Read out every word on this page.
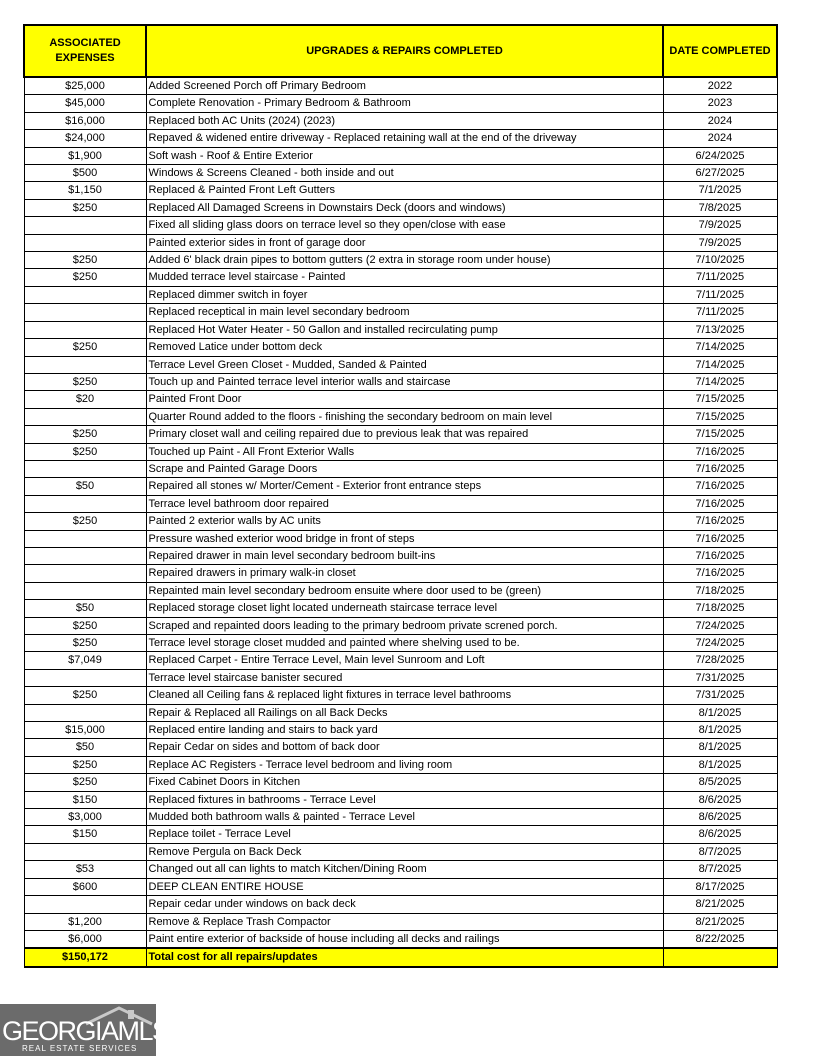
ASSOCIATED EXPENSES	UPGRADES & REPAIRS COMPLETED	DATE COMPLETED
$25,000	Added Screened Porch off Primary Bedroom	2022
$45,000	Complete Renovation - Primary Bedroom & Bathroom	2023
$16,000	Replaced both AC Units (2024) (2023)	2024
$24,000	Repaved & widened entire driveway - Replaced retaining wall at the end of the driveway	2024
$1,900	Soft wash - Roof & Entire Exterior	6/24/2025
$500	Windows & Screens Cleaned - both inside and out	6/27/2025
$1,150	Replaced & Painted Front Left Gutters	7/1/2025
$250	Replaced All Damaged Screens in Downstairs Deck (doors and windows)	7/8/2025
	Fixed all sliding glass doors on terrace level so they open/close with ease	7/9/2025
	Painted exterior sides in front of garage door	7/9/2025
$250	Added 6' black drain pipes to bottom gutters (2 extra in storage room under house)	7/10/2025
$250	Mudded terrace level staircase - Painted	7/11/2025
	Replaced dimmer switch in foyer	7/11/2025
	Replaced receptical in main level secondary bedroom	7/11/2025
	Replaced Hot Water Heater - 50 Gallon and installed recirculating pump	7/13/2025
$250	Removed Latice under bottom deck	7/14/2025
	Terrace Level Green Closet - Mudded, Sanded & Painted	7/14/2025
$250	Touch up and Painted terrace level interior walls and staircase	7/14/2025
$20	Painted Front Door	7/15/2025
	Quarter Round added to the floors - finishing the secondary bedroom on main level	7/15/2025
$250	Primary closet wall and ceiling repaired due to previous leak that was repaired	7/15/2025
$250	Touched up Paint - All Front Exterior Walls	7/16/2025
	Scrape and Painted Garage Doors	7/16/2025
$50	Repaired all stones w/ Morter/Cement - Exterior front entrance steps	7/16/2025
	Terrace level bathroom door repaired	7/16/2025
$250	Painted 2 exterior walls by AC units	7/16/2025
	Pressure washed exterior wood bridge in front of steps	7/16/2025
	Repaired drawer in main level secondary bedroom built-ins	7/16/2025
	Repaired drawers in primary walk-in closet	7/16/2025
	Repainted main level secondary bedroom ensuite where door used to be (green)	7/18/2025
$50	Replaced storage closet light located underneath staircase terrace level	7/18/2025
$250	Scraped and repainted doors leading to the primary bedroom private screned porch.	7/24/2025
$250	Terrace level storage closet mudded and painted where shelving used to be.	7/24/2025
$7,049	Replaced Carpet - Entire Terrace Level, Main level Sunroom and Loft	7/28/2025
	Terrace level staircase banister secured	7/31/2025
$250	Cleaned all Ceiling fans & replaced light fixtures in terrace level bathrooms	7/31/2025
	Repair & Replaced all Railings on all Back Decks	8/1/2025
$15,000	Replaced entire landing and stairs to back yard	8/1/2025
$50	Repair Cedar on sides and bottom of back door	8/1/2025
$250	Replace AC Registers - Terrace level bedroom and living room	8/1/2025
$250	Fixed Cabinet Doors in Kitchen	8/5/2025
$150	Replaced fixtures in bathrooms - Terrace Level	8/6/2025
$3,000	Mudded both bathroom walls & painted - Terrace Level	8/6/2025
$150	Replace toilet - Terrace Level	8/6/2025
	Remove Pergula on Back Deck	8/7/2025
$53	Changed out all can lights to match Kitchen/Dining Room	8/7/2025
$600	DEEP CLEAN ENTIRE HOUSE	8/17/2025
	Repair cedar under windows on back deck	8/21/2025
$1,200	Remove & Replace Trash Compactor	8/21/2025
$6,000	Paint entire exterior of backside of house including all decks and railings	8/22/2025
$150,172	Total cost for all repairs/updates	
GEORGIAMLS
REAL ESTATE SERVICES
